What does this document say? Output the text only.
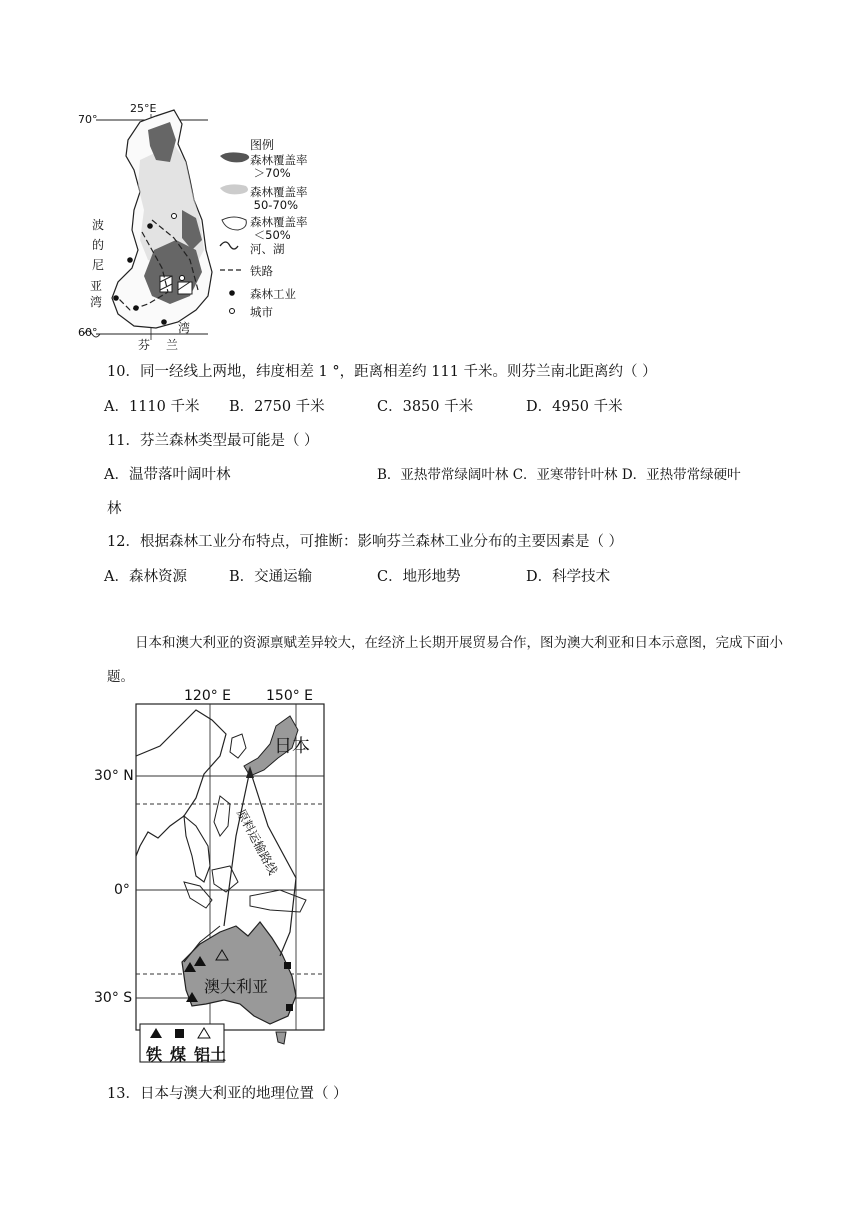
25°E
70°
60°
波
的
尼
亚
湾
芬 兰
湾
图例
森林覆盖率
＞70%
森林覆盖率
50-70%
森林覆盖率
＜50%
河、湖
铁路
森林工业
城市
10．同一经线上两地，纬度相差 1 °，距离相差约 111 千米。则芬兰南北距离约（ ）
A．1110 千米 B．2750 千米	C．3850 千米	D．4950 千米
11．芬兰森林类型最可能是（ ）
A．温带落叶阔叶林	B．亚热带常绿阔叶林 C．亚寒带针叶林 D．亚热带常绿硬叶
林
12．根据森林工业分布特点，可推断：影响芬兰森林工业分布的主要因素是（ ）
A．森林资源	B．交通运输	C．地形地势	D．科学技术
日本和澳大利亚的资源禀赋差异较大，在经济上长期开展贸易合作，图为澳大利亚和日本示意图，完成下面小题。
120° E 150° E
30° N
0°
30° S
日本
澳大利亚
原料运输路线
铁 煤 铝土
13．日本与澳大利亚的地理位置（ ）
